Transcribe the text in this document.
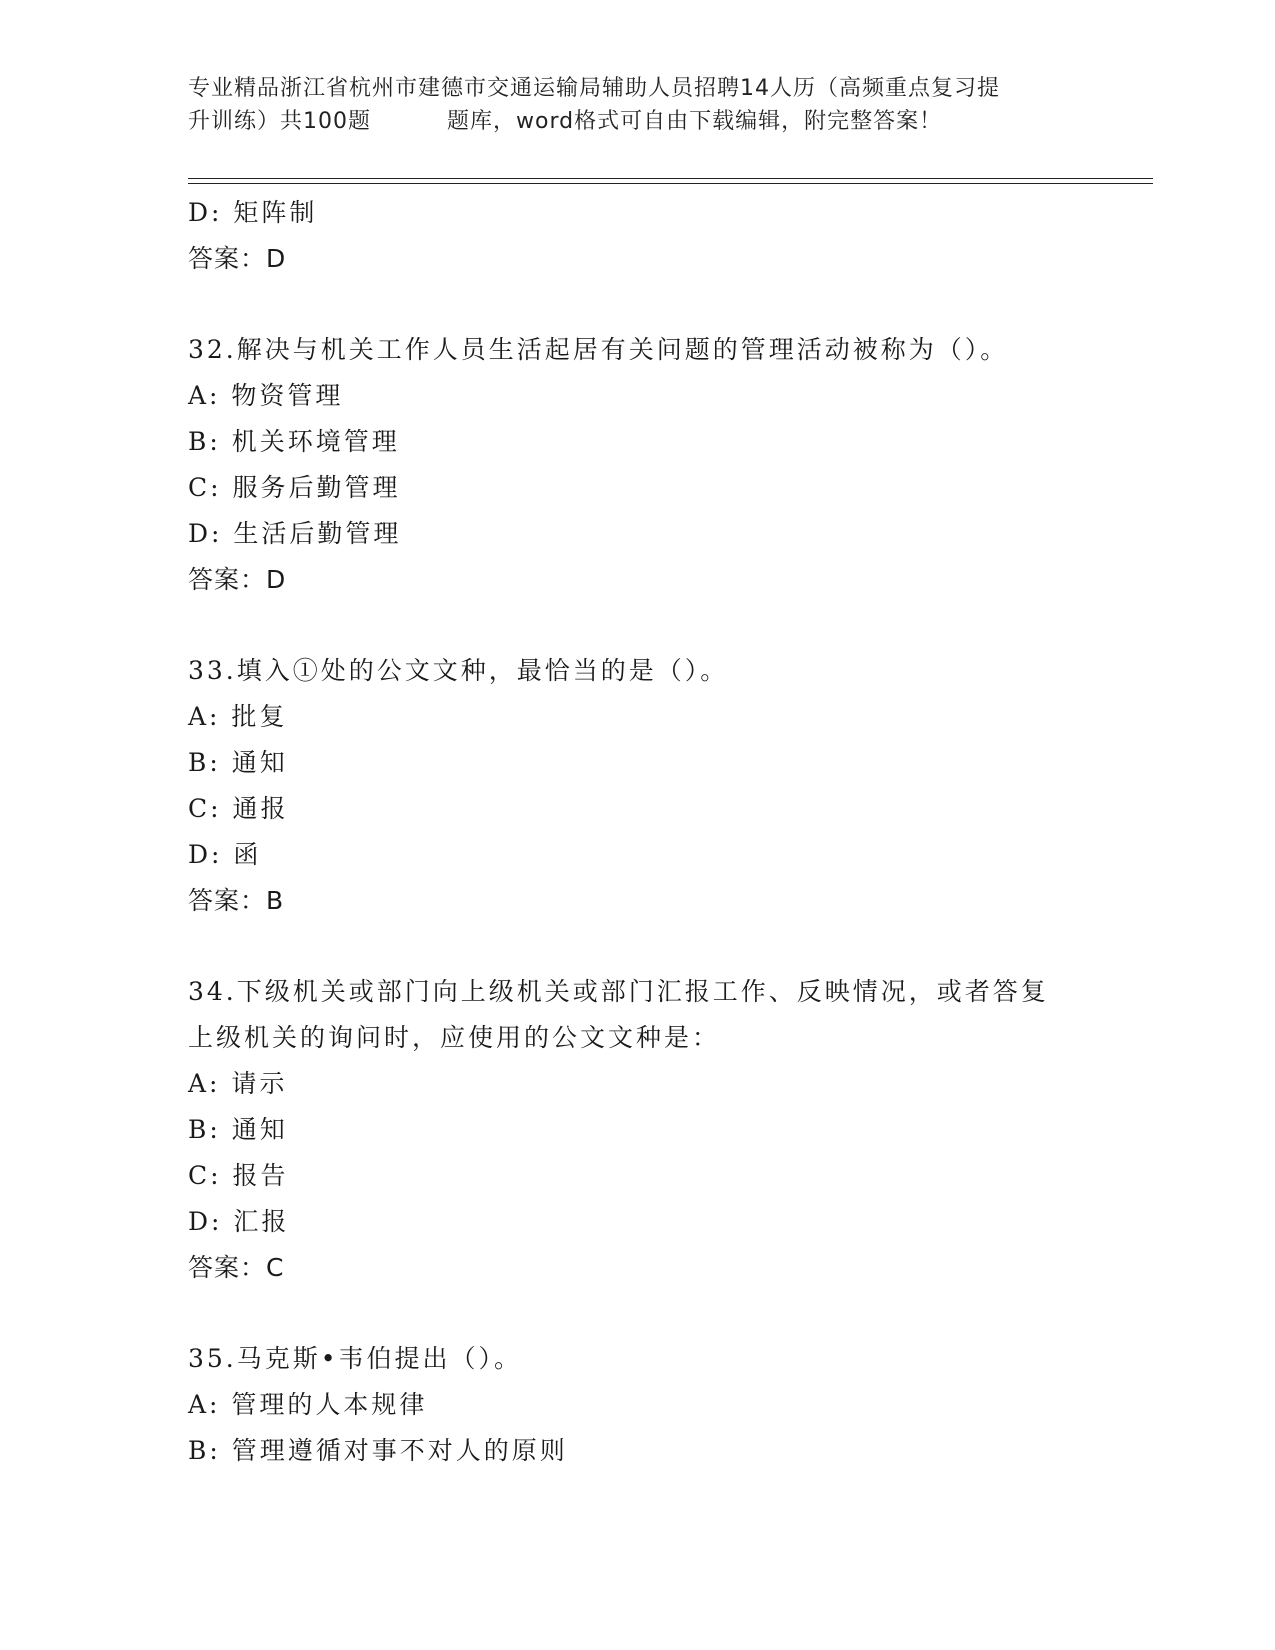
专业精品浙江省杭州市建德市交通运输局辅助人员招聘14人历（高频重点复习提
升训练）共100题	题库，word格式可自由下载编辑，附完整答案！
D: 矩阵制
答案：D
32.解决与机关工作人员生活起居有关问题的管理活动被称为（）。
A: 物资管理
B: 机关环境管理
C: 服务后勤管理
D: 生活后勤管理
答案：D
33.填入①处的公文文种，最恰当的是（）。
A: 批复
B: 通知
C: 通报
D: 函
答案：B
34.下级机关或部门向上级机关或部门汇报工作、反映情况，或者答复
上级机关的询问时，应使用的公文文种是：
A: 请示
B: 通知
C: 报告
D: 汇报
答案：C
35.马克斯•韦伯提出（）。
A: 管理的人本规律
B: 管理遵循对事不对人的原则
